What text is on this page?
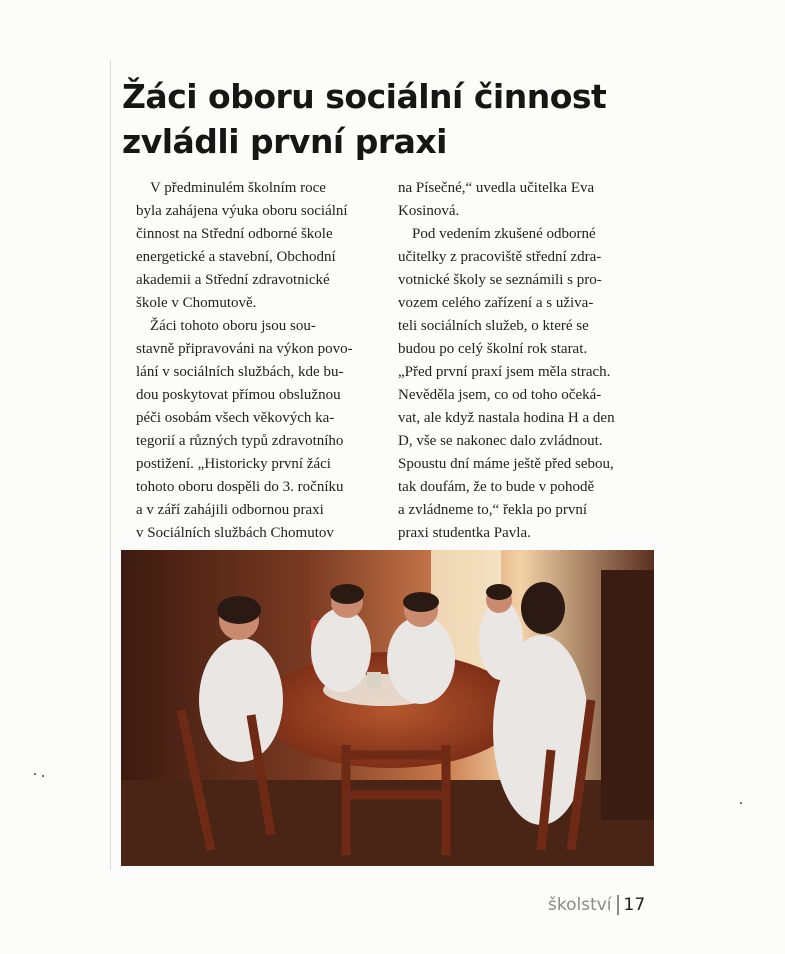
Žáci oboru sociální činnost
zvládli první praxi
V předminulém školním roce
byla zahájena výuka oboru sociální
činnost na Střední odborné škole
energetické a stavební, Obchodní
akademii a Střední zdravotnické
škole v Chomutově.
Žáci tohoto oboru jsou sou-
stavně připravováni na výkon povo-
lání v sociálních službách, kde bu-
dou poskytovat přímou obslužnou
péči osobám všech věkových ka-
tegorií a různých typů zdravotního
postižení. „Historicky první žáci
tohoto oboru dospěli do 3. ročníku
a v září zahájili odbornou praxi
v Sociálních službách Chomutov
na Písečné,“ uvedla učitelka Eva
Kosinová.
Pod vedením zkušené odborné
učitelky z pracoviště střední zdra-
votnické školy se seznámili s pro-
vozem celého zařízení a s uživa-
teli sociálních služeb, o které se
budou po celý školní rok starat.
„Před první praxí jsem měla strach.
Nevěděla jsem, co od toho očeká-
vat, ale když nastala hodina H a den
D, vše se nakonec dalo zvládnout.
Spoustu dní máme ještě před sebou,
tak doufám, že to bude v pohodě
a zvládneme to,“ řekla po první
praxi studentka Pavla.
školství 17
